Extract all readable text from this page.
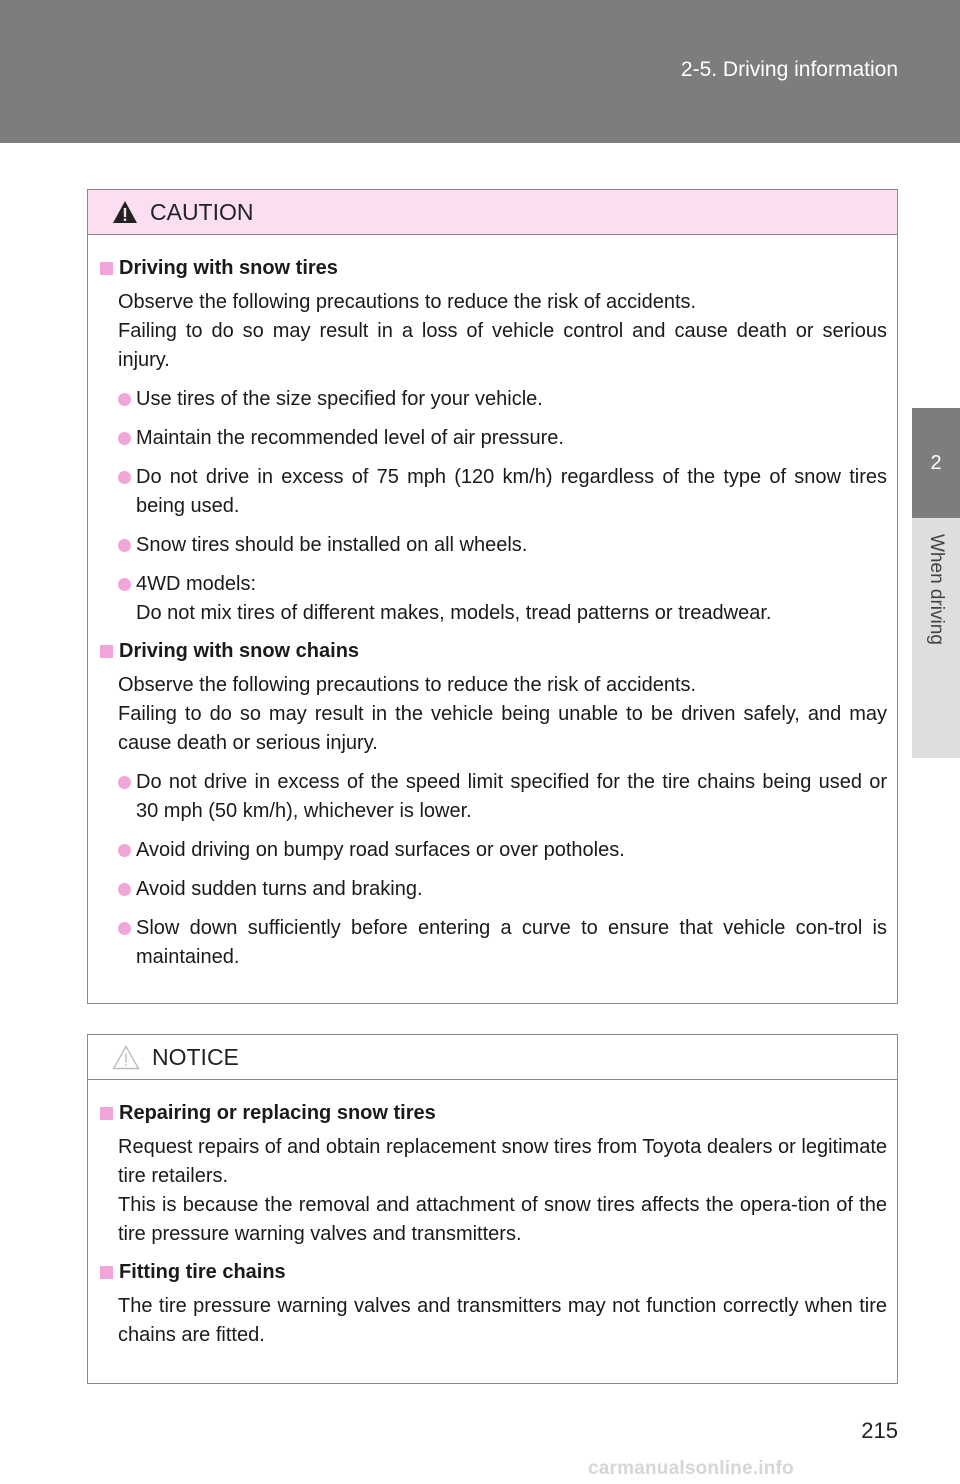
2-5. Driving information
2
When driving
CAUTION
Driving with snow tires
Observe the following precautions to reduce the risk of accidents.
Failing to do so may result in a loss of vehicle control and cause death or serious injury.
Use tires of the size specified for your vehicle.
Maintain the recommended level of air pressure.
Do not drive in excess of 75 mph (120 km/h) regardless of the type of snow tires being used.
Snow tires should be installed on all wheels.
4WD models:
Do not mix tires of different makes, models, tread patterns or treadwear.
Driving with snow chains
Observe the following precautions to reduce the risk of accidents.
Failing to do so may result in the vehicle being unable to be driven safely, and may cause death or serious injury.
Do not drive in excess of the speed limit specified for the tire chains being used or 30 mph (50 km/h), whichever is lower.
Avoid driving on bumpy road surfaces or over potholes.
Avoid sudden turns and braking.
Slow down sufficiently before entering a curve to ensure that vehicle con-trol is maintained.
NOTICE
Repairing or replacing snow tires
Request repairs of and obtain replacement snow tires from Toyota dealers or legitimate tire retailers.
This is because the removal and attachment of snow tires affects the opera-tion of the tire pressure warning valves and transmitters.
Fitting tire chains
The tire pressure warning valves and transmitters may not function correctly when tire chains are fitted.
215
carmanualsonline.info
